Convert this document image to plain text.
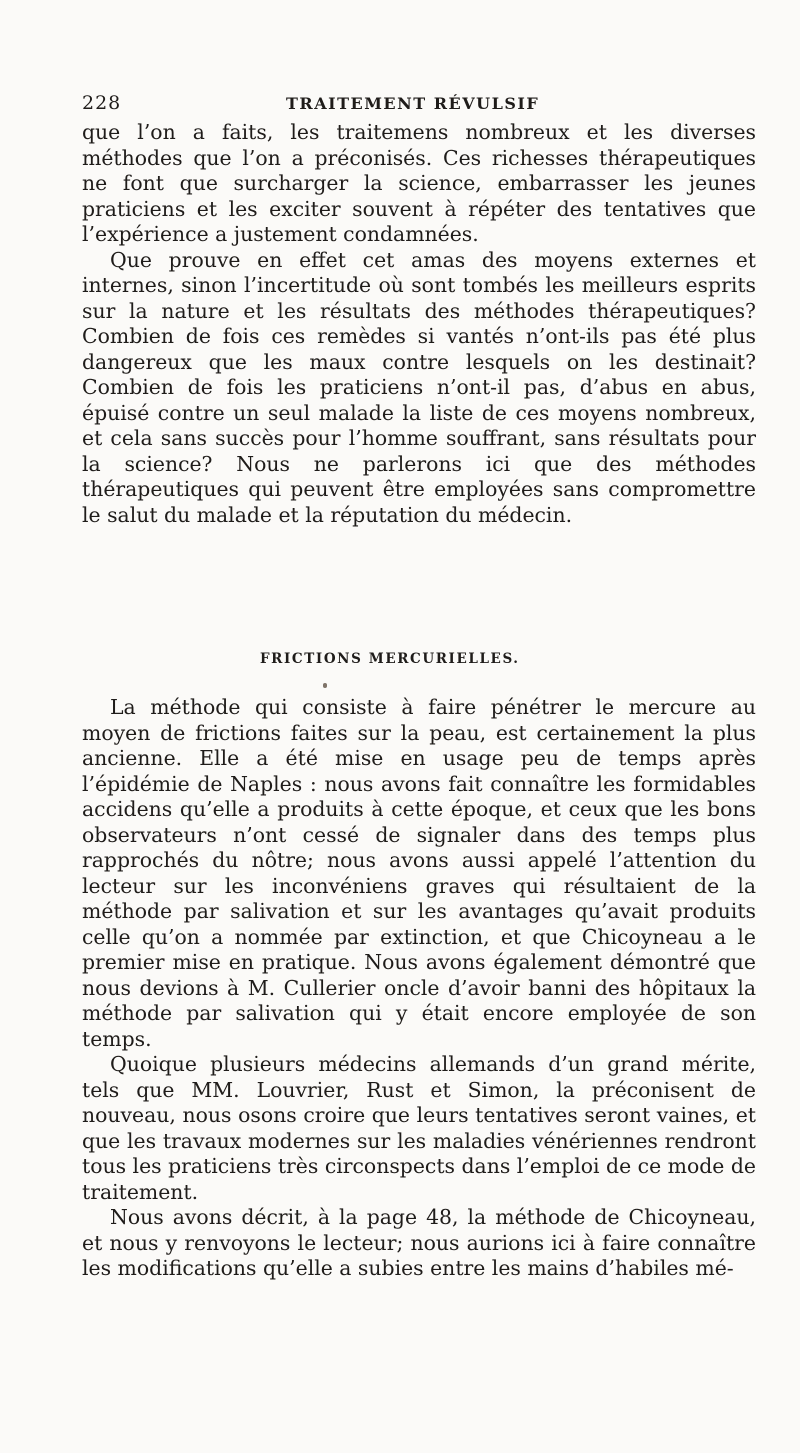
228	TRAITEMENT RÉVULSIF

que l’on a faits, les traitemens nombreux et les diverses méthodes que l’on a préconisés. Ces richesses thérapeutiques ne font que surcharger la science, embarrasser les jeunes praticiens et les exciter souvent à répéter des tentatives que l’expérience a justement condamnées.

Que prouve en effet cet amas des moyens externes et internes, sinon l’incertitude où sont tombés les meilleurs esprits sur la nature et les résultats des méthodes thérapeutiques? Combien de fois ces remèdes si vantés n’ont-ils pas été plus dangereux que les maux contre lesquels on les destinait? Combien de fois les praticiens n’ont-il pas, d’abus en abus, épuisé contre un seul malade la liste de ces moyens nombreux, et cela sans succès pour l’homme souffrant, sans résultats pour la science? Nous ne parlerons ici que des méthodes thérapeutiques qui peuvent être employées sans compromettre le salut du malade et la réputation du médecin.

FRICTIONS MERCURIELLES.

La méthode qui consiste à faire pénétrer le mercure au moyen de frictions faites sur la peau, est certainement la plus ancienne. Elle a été mise en usage peu de temps après l’épidémie de Naples : nous avons fait connaître les formidables accidens qu’elle a produits à cette époque, et ceux que les bons observateurs n’ont cessé de signaler dans des temps plus rapprochés du nôtre; nous avons aussi appelé l’attention du lecteur sur les inconvéniens graves qui résultaient de la méthode par salivation et sur les avantages qu’avait produits celle qu’on a nommée par extinction, et que Chicoyneau a le premier mise en pratique. Nous avons également démontré que nous devions à M. Cullerier oncle d’avoir banni des hôpitaux la méthode par salivation qui y était encore employée de son temps.

Quoique plusieurs médecins allemands d’un grand mérite, tels que MM. Louvrier, Rust et Simon, la préconisent de nouveau, nous osons croire que leurs tentatives seront vaines, et que les travaux modernes sur les maladies vénériennes rendront tous les praticiens très circonspects dans l’emploi de ce mode de traitement.

Nous avons décrit, à la page 48, la méthode de Chicoyneau, et nous y renvoyons le lecteur; nous aurions ici à faire connaître les modifications qu’elle a subies entre les mains d’habiles mé-
